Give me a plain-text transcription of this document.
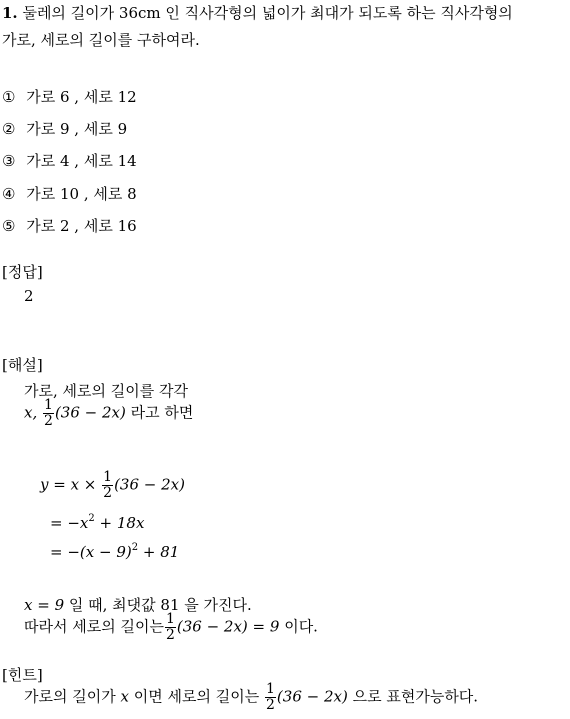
1. 둘레의 길이가 36cm 인 직사각형의 넓이가 최대가 되도록 하는 직사각형의
가로, 세로의 길이를 구하여라.
① 가로 6 , 세로 12
② 가로 9 , 세로 9
③ 가로 4 , 세로 14
④ 가로 10 , 세로 8
⑤ 가로 2 , 세로 16
[정답]
2
[해설]
가로, 세로의 길이를 각각
x, $\frac{1}{2} (36 - 2x)$ 라고 하면
$y = x \times \frac{1}{2} (36 - 2x)$
= $-x^2 + 18x$
= $-(x - 9)^2 + 81$
x = 9 일 때, 최댓값 81 을 가진다.
따라서 세로의 길이는 $\frac{1}{2} (36 - 2x) = 9$ 이다.
[힌트]
가로의 길이가 x 이면 세로의 길이는 $\frac{1}{2} (36 - 2x)$ 으로 표현가능하다.
